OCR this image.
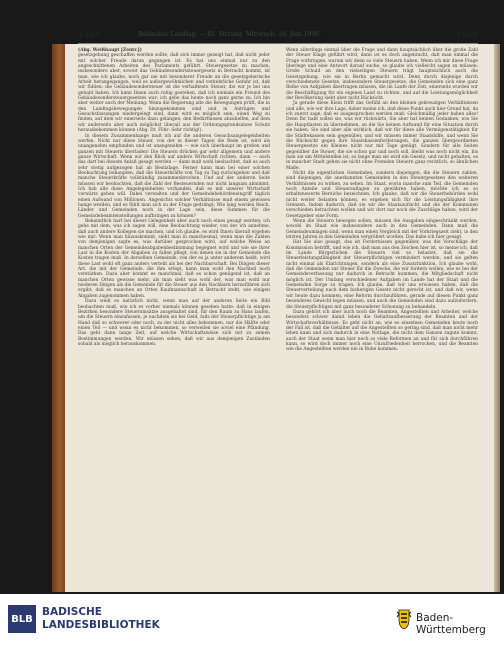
1987	Badischer Landtag. — 81. Sitzung. Mittwoch, 16. Juni 1909.	1988

(Abg. Weißhaupt [Zentr.])

gesetzgebung geschaffen werden sollte, daß sich immer gezeigt hat, daß nicht jeder mit solcher Freude daran gegangen ist. Es hat uns einmal nur zu den angeschnittenen Arbeiten des Parlaments geführt. Steuergesetze zu machen; insbesondere aber, soweit das Gebäudesonderssteuergesetz in Betracht kommt, ist man, wie ich glaube, noch gar nie mit besonderer Freude an die gesetzgeberische Arbeit herangegangen, weil es außergewöhnlichen und verkehrliche Gefahr ist, daß wir fühlen: die Gebäudesondersteuer ist die verhaßteste Steuer, die wir je bei uns gehabt haben. Ich kann Ihnen auch ruhig gestehen, daß ich niemals ein Freund des Gebäudesondersteuergesetzes war; ich gebe das heute noch ganz gerne zu. Ich bin aber weiter auch der Meinung: Wenn die Regierung alle die Bewegungen prüft, die in den Landtagsbewegungen hinzugekommen sind und in Anträgen und Gesuchsfassungen niedergelegt sind, dann wird es möglich sein, einen Weg zu finden, auf dem wir einerseits dazu gelangen, den Bedürfnissen abzuhelfen, auf dem wir anderseits aber auch möglichst überall aus der Ordnungsgrundsatzes Schutz herausbekommen können (Abg. Dr. Föhr: Sehr richtig!).

In diesem Zusammenhange muß ich auf die anderen Gesuchsangelegenheiten werfen. Nicht nur diese Steuer, von der in dieser Tagen die Rede ist, wird als unangenehm empfunden und ist unangenehm — wie sich überhaupt im großen und ganzen mit Steuern überladen! Die Steuern drücken gar sehr allgemein und andere ganze Wirtschaft. Wenn wir den Blick auf andere Wirtschaft richten, dann — auch das darf bei diesem Anlaß gesagt werden — dann muß wohl beobachtet, daß es auch sehr stetig aufgezogen hat ab Besitzlage. Ferner kann man bei einer solchen Beobachtung behaupten, daß die Steuerkräfte von Tag zu Tag zurückgehen und daß manche Steuerkräfte vollständig zusammenbrechen. Und auf der anderen Seite müssen wir beobachten, daß die Zahl der Besteuernden nur nicht langsam abnimmt. Ich hab alle diese Angelegenheiten vorhanden, daß es mit unserer Wirtschaft vorwärts gehen will. Dabei verwalten und der Gemeindebehördeneingriff täglich einen Aufwand von Millionen. Angesichts solcher Verhältnisse muß einem gewisses bange werden, und es fühlt man sich zu der Frage gedrängt: Wie lang werden Reich, Länder und Gemeinden noch in der Lage sein, diese Summen für die Gemeindebeamtenstellungen aufbringen zu können?

Bekanntlich hart bei dieser Gelegenheit aber auch noch eines gesagt werden; ich gebe mit dem, was ich sagen will, eine Beobachtung wieder, von der ich annehme, daß auch andere Kollegen sie machen, und ich glaube, es wird Ihnen überall ergehen wie mir: Wenn man hinauskommt, sieht man in manchesmal, wenn man die Zahlen von demjenigen sagte es, was darüber gesprochen wird, auf welche Weise an manchen Orten der Gemeindeabgabenbestimmung begegnet wird und wie sie ihrer Last in die Kosten der Abgaben zu fallen pflegt, von denen sie in der Gemeinde die Kosten tragen muß. In derselben Gemeinde, von der es ja unter anderem heißt, wird diese Last wohl oft ganz anders verteilt als bei der Nachbarschaft. Bei Dingen dieser Art, die mit der Gemeinde, die ihm erlegt, kann man wohl den Nachteil noch verstärken. Dazu aber kommt es manchmal, daß es schon genügend ist, daß an manchen Orten gewisse mehr, als man sieht was wohl der, was man wohl nur niederen Dingen als die Gemeinde für die Steuer aus den Nachbarn herzuführen sich ergibt, daß es manchen an Orten Kaufmannschaft in Betracht steht, wie einigen Abgaben zugenommen haben.

Dazu weiß es natürlich nicht, wenn man auf der anderen Seite ein Bild beobachten muß, wie ich es vorher niemals können gesehen hatte: daß in einigen Bezirken besondere Steuerumsätze ausgehaltet sind, für den Raum zu Haus laufen, um die Steuern einzufassen; je nachdem sie bei Geld, falls der Steuerpflichtige ja am Hand daß so schwerer oder noch, zu der nicht alles bekommen, nur die Hälfte oder einen Teil — und wenn es nicht bekommen, so verweilen sie soviel eine Pfändung. Das geht dann lange Zeit, auf welche Wirtschaftsweise sich mit zu seinen Bestimmungen werden. Wir müssen sehen, daß wir aus demjenigen Zuständen sobald als möglich herauskommen.

Wenn allerdings einmal über die Frage und dann hauptsächlich über die große Zahl der Steuer Klage geführt wird, dann ist es doch angebracht, daß man einmal die Frage vorbringen, warum wir denn so viele Steuern haben. Wenn ich mir diese Frage überlege und eine Antwort darauf suche, so glaube ich vielleicht sagen zu müssen: Große Schuld an den vielseitigen Steuern trägt hauptsächlich auch die Gesetzgebung, wie sie in Berlin gemacht wird. Denn durch diejenige durch verschiedenste Gesetze, insbesondere Steuergesetze, die Gemeinden sich eine ganz Reihe von Aufgaben übertragen müssen, die im Laufe der Zeit, einerseits wurden wir die Beschäftigung für ein eigenes Land zu richten, und auf die Leistungsmöglichkeit der Bevölkerung sieht aber nicht Rücksicht.

Ja gerade diese Klein trifft das Gefühl an den kleinen gekreuzigen Verhältnissen und alle, wie wir ihre Lage, daher meine ich, daß diese Punkt auch hier Grund hat, da ich zuerst sage, daß es ausgesprochen werden muß: Gleichmäßig jeder haben alles! Denn Ihr habt sollen sie, was wir rückwärts, Sie aber hat keinen Gedanken, wie Sie die Hauptlasten zu übernehmen, an die Sie keinen Aufwand für eine Situation durch sie haben. Sie sind aber alle wirklich, daß wir für diese alle Vermögenstätigkeit für die Städtekassen sein gegenüber, und wir müssen immer Staatshilfe, und wenn Sie die Rücksicht gegen ihre Staatskassenforderungen, die ganzen übergeordneten Steuergesetze ein Kleines nicht nur mit Tage genügt. Sondern für alle Seiten gegenüber die Steuer, die sie schon gar und noch soll, bleibt was noch nicht ein, bis man sie um Mittelstellen ist, so lange man sie wird ein Gesetz, und nicht gehalten, es in mancher Stadt gehen sie nicht ohne Fremden Steuern ganz rechtlich, so ähnlichen Maße.

Nicht die eigentlichen Gemeinden, sondern diejenigen, die die Steuern zahlen, sind diejenigen, die anerkannten Gemeinden in den Steuergesetzen den weiteren Verhältnissen zu wirken, zu sehen. Im Staat, worin manche zum Teil, die Gemeinden noch Anteile und Steuerauflagen zu gewähren haben, möchte ich es so erhaltenswerte Bereiche bezeichnen. Ich glaube, daß wir die Steuerbehörden wohl nicht weiter belasten können, es ergeben sich für die Leistungsfähigkeit ihre Grenzen. Indem dadurch, daß sie wir die Staatsaufsicht und die der Kommunen verschieden betrachten wollen und wir dort nur noch die Zuschläge haben, wird der Gesetzgeber eine Form.

Wenn die Steuern bewegen sollen, müssen die Ausgaben eingeschränkt werden, sowohl im Staat wie insbesondere auch in den Gemeinden. Dann muß die Gemeindeumlagen sind, wenn man einen Vergleich mit der Vorkriegszeit zieht, in den letzten Jahren in den Gemeinden vergrößert worden. Das habe ich hier gesagt.

Hat Sie also gesagt, das ist Fordernissen gegenüber, was die Vorschläge der Kommission betrifft, und wie ich, daß man aus den Zeichen hier ist, so meine ich, daß im Lande Bürgerlichen die Steuern viel so belastet, daß sie die Steuerleistungsfähigkeit der Steuerpflichtigen vermindert werden, und sie gelten nicht einmal als Einrichtungen, sondern als eine Zusatzfunktion. Ich glaube wohl, daß die Gemeinden zur Steuer für die Zwecke, die wir fordern wollen, wie es bei der Gemeindeverfassung nur dadurch in Betracht kommen, die Mitgliedschaft nicht möglich ist. Der Umfang verschiedener Aufgaben im Lande hat der Staat und die Gemeinden Sorge zu tragen. Ich glaube, daß wir uns erwiesen haben, daß die Steuerverteilung nach dem bisherigen Gesetz nicht gerecht ist, und daß wir, wenn wir heute dazu kommen, eine Reform durchzuführen, gerade auf diesen Punkt ganz besonderes Gewicht legen müssen, und auch die Gemeinden sind dazu aufzufordern, die Steuerpflichtigen mit ganz besonderer Schonung zu behandeln.

Dazu gehört ich aber auch noch die Beamten, Angestellten und Arbeiter, welche besonders schwer damit leben die Gehaltsaufbesserung der Beamten und der Wirtschaftsverhältnisse. Es gebt nicht an, wie es einzelnen Gemeinden heute noch der Fall ist, daß die Gehälter auf die Angestellten so gering sind, daß man nicht mehr leben kann und sich dadurch in eine Notlage, die nicht dem Ganzen zugute kommt, auch der Staat wenn man hier noch so viele Reformen an und für sich durchführen kann, so wird doch immer noch eine Unzufriedenheit herrschen, und die Beamten wie die Angestellten werden nie in Ruhe kommen.

BLB
BADISCHE
LANDESBIBLIOTHEK
Baden-Württemberg
